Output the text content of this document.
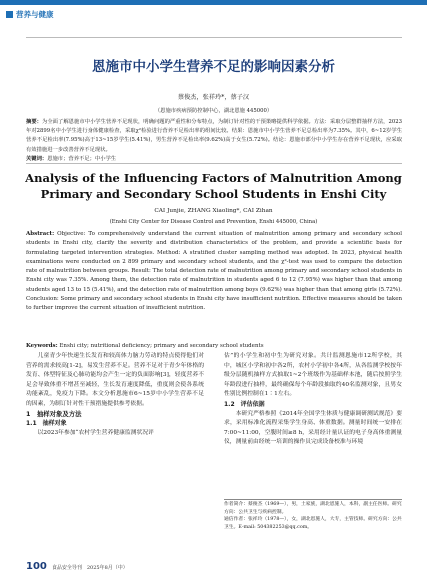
营养与健康
恩施市中小学生营养不足的影响因素分析
蔡俊杰，张祥玲*，蔡子汉
（恩施市疾病预防控制中心，湖北恩施 445000）
摘要：为全面了解恩施市中小学生营养不足现状，明确问题的严重性和分布特点，为制订针对性的干预策略提供科学依据。方法：采取分层整群抽样方法，2023年对2899名中小学生进行身体健康检查，采取χ²检验进行营养不足检出率的组间比较。结果：恩施市中小学生营养不足总检出率为7.35%。其中，6~12岁学生营养不足检出率(7.95%)高于13~15岁学生(5.41%)，男生营养不足检出率(9.62%)高于女生(5.72%)。结论：恩施市部分中小学生存在营养不足现状，应采取有效措施进一步改善营养不足现状。
关键词：恩施市；营养不足；中小学生
Analysis of the Influencing Factors of Malnutrition Among Primary and Secondary School Students in Enshi City
CAI Junjie, ZHANG Xiaoling*, CAI Zihan
(Enshi City Center for Disease Control and Prevention, Enshi 445000, China)
Abstract: Objective: To comprehensively understand the current situation of malnutrition among primary and secondary school students in Enshi city, clarify the severity and distribution characteristics of the problem, and provide a scientific basis for formulating targeted intervention strategies. Method: A stratified cluster sampling method was adopted. In 2023, physical health examinations were conducted on 2 899 primary and secondary school students, and the χ²-test was used to compare the detection rate of malnutrition between groups. Result: The total detection rate of malnutrition among primary and secondary school students in Enshi city was 7.35%. Among them, the detection rate of malnutrition in students aged 6 to 12 (7.95%) was higher than that among students aged 13 to 15 (5.41%), and the detection rate of malnutrition among boys (9.62%) was higher than that among girls (5.72%). Conclusion: Some primary and secondary school students in Enshi city have insufficient nutrition. Effective measures should be taken to further improve the current situation of insufficient nutrition.
Keywords: Enshi city; nutritional deficiency; primary and secondary school students

儿童青少年快速生长发育和较高体力脑力劳动的特点使得他们对营养的需求较高[1-2]，易发生营养不足。营养不足对于青少年体格的发育、体型特征及心肺功能均会产生一定的负面影响[3]，轻度营养不足会导致体重不增甚至减轻，生长发育速度降低，重度则会使各系统功能紊乱，免疫力下降。本文分析恩施市6~15岁中小学生营养不足的因素，为制订针对性干预措施提供参考依据。

1　抽样对象及方法

1.1　抽样对象

以2023年参加“农村学生营养健康监测状况评

估”的小学生和初中生为研究对象。共计监测恩施市12所学校，其中，城区小学和初中各2所，农村小学初中各4所，从各监测学校按年级分层随机抽样方式抽取1~2个班级作为基础样本池，随后按照学生年龄段进行抽样，最终确保每个年龄段抽取约40名监测对象，且男女性别比例控制在1∶1左右。

1.2　评估依据

本研究严格参照《2014年全国学生体质与健康调研测试规范》要求，采用标准化流程采集学生身高、体重数据。测量时间统一安排在7:00~11:00，空腹时间≥8 h，采用经计量认证的电子身高体重测量仪，测量前由经统一培训的操作员完成设备校准与环境

作者简介：蔡俊杰（1969—），男，土家族，湖北恩施人，本科，副主任医师。研究方向：公共卫生与疾病控制。
通信作者：张祥玲（1978—），女，湖北恩施人，大专，主管技师。研究方向：公共卫生。E-mail: 504382253@qq.com。
100 食品安全导刊　2025年8月（中）
